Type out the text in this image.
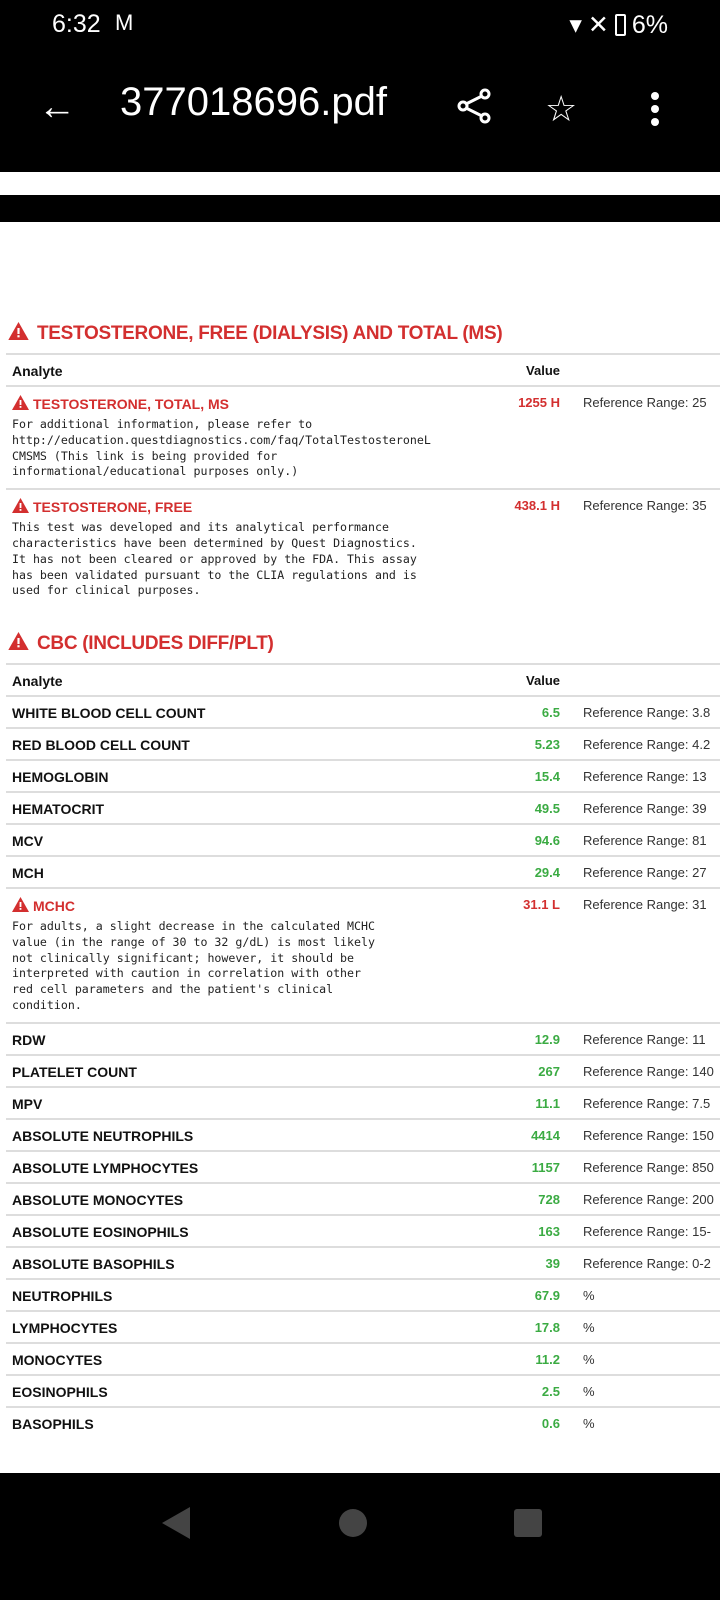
6:32 M	▾ ✕ 6%
← 377018696.pdf	☆
TESTOSTERONE, FREE (DIALYSIS) AND TOTAL (MS)
Analyte	Value
TESTOSTERONE, TOTAL, MS	1255 H Reference Range: 25
For additional information, please refer to
http://education.questdiagnostics.com/faq/TotalTestosteroneL
CMSMS (This link is being provided for
informational/educational purposes only.)
TESTOSTERONE, FREE	438.1 H Reference Range: 35
This test was developed and its analytical performance
characteristics have been determined by Quest Diagnostics.
It has not been cleared or approved by the FDA. This assay
has been validated pursuant to the CLIA regulations and is
used for clinical purposes.
CBC (INCLUDES DIFF/PLT)
Analyte	Value
WHITE BLOOD CELL COUNT	6.5 Reference Range: 3.8
RED BLOOD CELL COUNT	5.23 Reference Range: 4.2
HEMOGLOBIN	15.4 Reference Range: 13
HEMATOCRIT	49.5 Reference Range: 39
MCV	94.6 Reference Range: 81
MCH	29.4 Reference Range: 27
MCHC	31.1 L Reference Range: 31
For adults, a slight decrease in the calculated MCHC
value (in the range of 30 to 32 g/dL) is most likely
not clinically significant; however, it should be
interpreted with caution in correlation with other
red cell parameters and the patient's clinical
condition.
RDW	12.9 Reference Range: 11
PLATELET COUNT	267 Reference Range: 140
MPV	11.1 Reference Range: 7.5
ABSOLUTE NEUTROPHILS	4414 Reference Range: 150
ABSOLUTE LYMPHOCYTES	1157 Reference Range: 850
ABSOLUTE MONOCYTES	728 Reference Range: 200
ABSOLUTE EOSINOPHILS	163 Reference Range: 15-
ABSOLUTE BASOPHILS	39 Reference Range: 0-2
NEUTROPHILS	67.9 %
LYMPHOCYTES	17.8 %
MONOCYTES	11.2 %
EOSINOPHILS	2.5 %
BASOPHILS	0.6 %
